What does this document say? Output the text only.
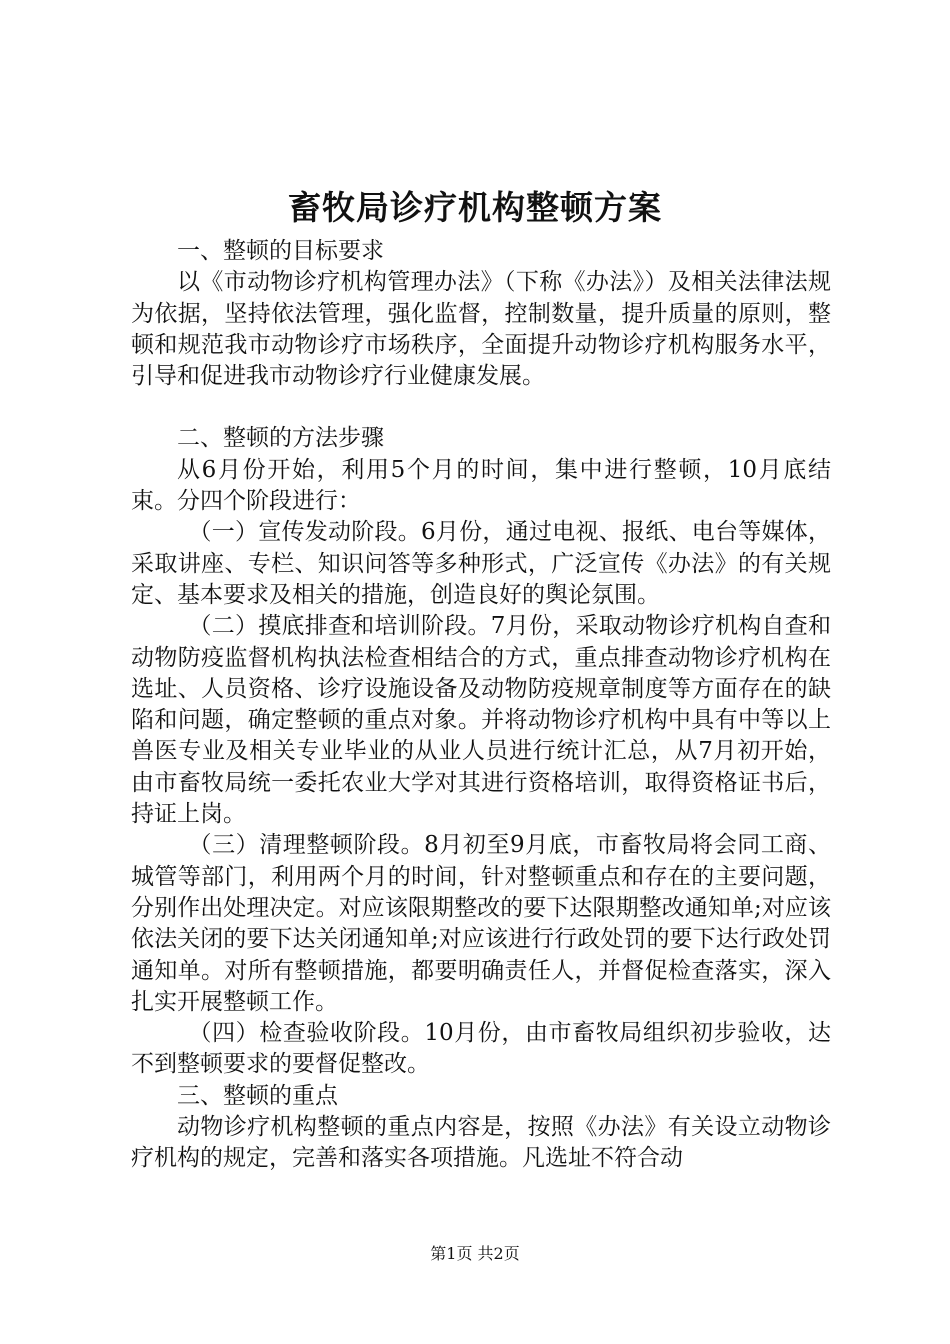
畜牧局诊疗机构整顿方案

一、整顿的目标要求

以《市动物诊疗机构管理办法》（下称《办法》）及相关法律法规为依据，坚持依法管理，强化监督，控制数量，提升质量的原则，整顿和规范我市动物诊疗市场秩序，全面提升动物诊疗机构服务水平，引导和促进我市动物诊疗行业健康发展。

二、整顿的方法步骤

从6月份开始，利用5个月的时间，集中进行整顿，10月底结束。分四个阶段进行：

（一）宣传发动阶段。6月份，通过电视、报纸、电台等媒体，采取讲座、专栏、知识问答等多种形式，广泛宣传《办法》的有关规定、基本要求及相关的措施，创造良好的舆论氛围。

（二）摸底排查和培训阶段。7月份，采取动物诊疗机构自查和动物防疫监督机构执法检查相结合的方式，重点排查动物诊疗机构在选址、人员资格、诊疗设施设备及动物防疫规章制度等方面存在的缺陷和问题，确定整顿的重点对象。并将动物诊疗机构中具有中等以上兽医专业及相关专业毕业的从业人员进行统计汇总，从7月初开始，由市畜牧局统一委托农业大学对其进行资格培训，取得资格证书后，持证上岗。

（三）清理整顿阶段。8月初至9月底，市畜牧局将会同工商、城管等部门，利用两个月的时间，针对整顿重点和存在的主要问题，分别作出处理决定。对应该限期整改的要下达限期整改通知单;对应该依法关闭的要下达关闭通知单;对应该进行行政处罚的要下达行政处罚通知单。对所有整顿措施，都要明确责任人，并督促检查落实，深入扎实开展整顿工作。

（四）检查验收阶段。10月份，由市畜牧局组织初步验收，达不到整顿要求的要督促整改。

三、整顿的重点

动物诊疗机构整顿的重点内容是，按照《办法》有关设立动物诊疗机构的规定，完善和落实各项措施。凡选址不符合动

第1页 共2页
